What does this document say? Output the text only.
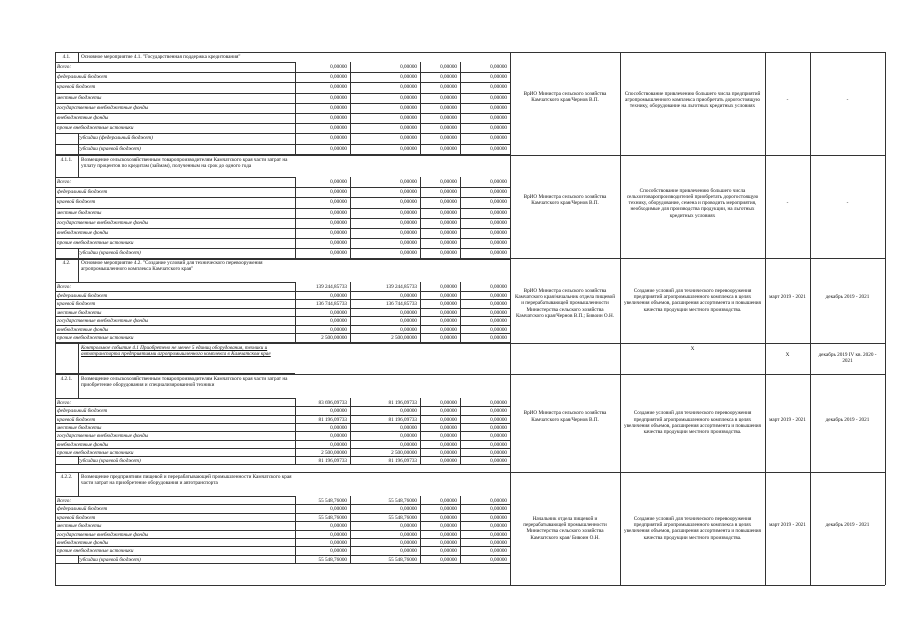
4.1.	Основное мероприятие 4.1. "Государственная поддержка кредитования"
Всего:	0,00000	0,00000	0,00000	0,00000
федеральный бюджет	0,00000	0,00000	0,00000	0,00000
краевой бюджет	0,00000	0,00000	0,00000	0,00000
местные бюджеты	0,00000	0,00000	0,00000	0,00000
государственные внебюджетные фонды	0,00000	0,00000	0,00000	0,00000
внебюджетные фонды	0,00000	0,00000	0,00000	0,00000
прочие внебюджетные источники	0,00000	0,00000	0,00000	0,00000
субсидии (федеральный бюджет)	0,00000	0,00000	0,00000	0,00000
субсидии (краевой бюджет)	0,00000	0,00000	0,00000	0,00000
ВрИО Министра сельского хозяйства Камчатского края/Чернов В.П.
Способствование привлечению большего числа предприятий агропромышленного комплекса приобретать дорогостоящую технику, оборудование на льготных кредитных условиях
-	-
4.1.1.	Возмещение сельскохозяйственным товаропроизводителям Камчатского края части затрат на уплату процентов по кредитам (займам), полученным на срок до одного года
Всего:	0,00000	0,00000	0,00000	0,00000
федеральный бюджет	0,00000	0,00000	0,00000	0,00000
краевой бюджет	0,00000	0,00000	0,00000	0,00000
местные бюджеты	0,00000	0,00000	0,00000	0,00000
государственные внебюджетные фонды	0,00000	0,00000	0,00000	0,00000
внебюджетные фонды	0,00000	0,00000	0,00000	0,00000
прочие внебюджетные источники	0,00000	0,00000	0,00000	0,00000
субсидии (краевой бюджет)	0,00000	0,00000	0,00000	0,00000
ВрИО Министра сельского хозяйства Камчатского края/Чернов В.П.
Способствование привлечению большего числа сельхозтоваропроизводителей приобретать дорогостоящую технику, оборудование, семена и проводить мероприятия, необходимые для производства продукции, на льготных кредитных условиях
-	-
4.2.	Основное мероприятие 4.2. "Создание условий для технического перевооружения агропромышленного комплекса Камчатского края"
Всего:	139 244,85733	139 244,85733	0,00000	0,00000
федеральный бюджет	0,00000	0,00000	0,00000	0,00000
краевой бюджет	136 744,85733	136 744,85733	0,00000	0,00000
местные бюджеты	0,00000	0,00000	0,00000	0,00000
государственные внебюджетные фонды	0,00000	0,00000	0,00000	0,00000
внебюджетные фонды	0,00000	0,00000	0,00000	0,00000
прочие внебюджетные источники	2 500,00000	2 500,00000	0,00000	0,00000
ВрИО Министра сельского хозяйства Камчатского края/начальник отдела пищевой и перерабатывающей промышленности Министерства сельского хозяйства Камчатского края/Чернов В.П.; Бивоин О.Н.
Создание условий для технического перевооружения предприятий агропромышленного комплекса в целях увеличения объемов, расширения ассортимента и повышения качества продукции местного производства.
март 2019 - 2021	декабрь 2019 - 2021
Контрольное событие 4.1 Приобретено не менее 5 единиц оборудования, техники и автотранспорта предприятиями агропромышленного комплекса в Камчатском крае
X
X	декабрь 2019 IV кв. 2020 - 2021
4.2.1.	Возмещение сельскохозяйственным товаропроизводителям Камчатского края части затрат на приобретение оборудования и специализированной техники
Всего:	83 696,09733	81 196,09733	0,00000	0,00000
федеральный бюджет	0,00000	0,00000	0,00000	0,00000
краевой бюджет	81 196,09733	81 196,09733	0,00000	0,00000
местные бюджеты	0,00000	0,00000	0,00000	0,00000
государственные внебюджетные фонды	0,00000	0,00000	0,00000	0,00000
внебюджетные фонды	0,00000	0,00000	0,00000	0,00000
прочие внебюджетные источники	2 500,00000	2 500,00000	0,00000	0,00000
субсидии (краевой бюджет)	81 196,09733	81 196,09733	0,00000	0,00000
ВрИО Министра сельского хозяйства Камчатского края/Чернов В.П.
Создание условий для технического перевооружения предприятий агропромышленного комплекса в целях увеличения объемов, расширения ассортимента и повышения качества продукции местного производства.
март 2019 - 2021	декабрь 2019 - 2021
4.2.2.	Возмещение предприятиям пищевой и перерабатывающей промышленности Камчатского края части затрат на приобретение оборудования и автотранспорта
Всего:	55 548,76000	55 548,76000	0,00000	0,00000
федеральный бюджет	0,00000	0,00000	0,00000	0,00000
краевой бюджет	55 548,76000	55 548,76000	0,00000	0,00000
местные бюджеты	0,00000	0,00000	0,00000	0,00000
государственные внебюджетные фонды	0,00000	0,00000	0,00000	0,00000
внебюджетные фонды	0,00000	0,00000	0,00000	0,00000
прочие внебюджетные источники	0,00000	0,00000	0,00000	0,00000
субсидии (краевой бюджет)	55 548,76000	55 548,76000	0,00000	0,00000
Начальник отдела пищевой и перерабатывающей промышленности Министерства сельского хозяйства Камчатского края/ Бивоин О.Н.
Создание условий для технического перевооружения предприятий агропромышленного комплекса в целях увеличения объемов, расширения ассортимента и повышения качества продукции местного производства.
март 2019 - 2021	декабрь 2019 - 2021
